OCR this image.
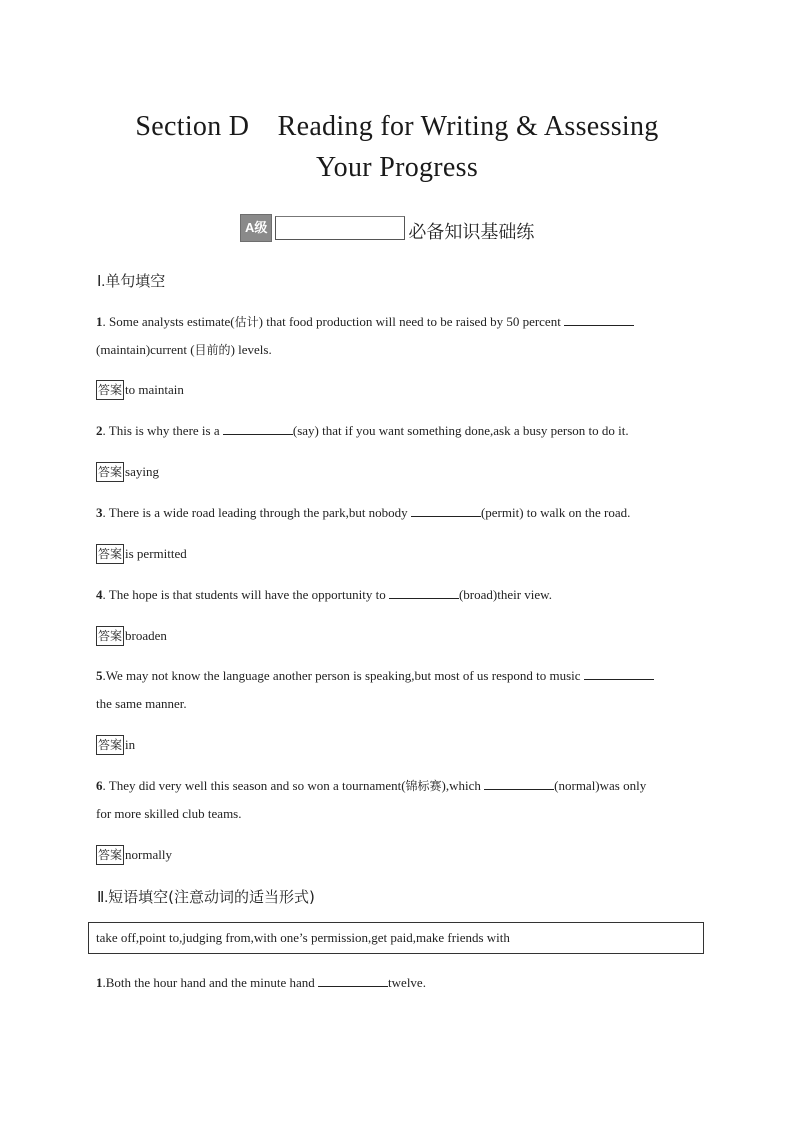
Section D　Reading for Writing & Assessing
Your Progress
A级	必备知识基础练
Ⅰ.单句填空
1. Some analysts estimate(估计) that food production will need to be raised by 50 percent
(maintain)current (目前的) levels.
答案 to maintain
2. This is why there is a	(say) that if you want something done,ask a busy person to do it.
答案 saying
3. There is a wide road leading through the park,but nobody	(permit) to walk on the road.
答案 is permitted
4. The hope is that students will have the opportunity to	(broad)their view.
答案 broaden
5.We may not know the language another person is speaking,but most of us respond to music
the same manner.
答案 in
6. They did very well this season and so won a tournament(锦标赛),which	(normal)was only
for more skilled club teams.
答案 normally
Ⅱ.短语填空(注意动词的适当形式)
take off,point to,judging from,with one’s permission,get paid,make friends with
1.Both the hour hand and the minute hand	twelve.
